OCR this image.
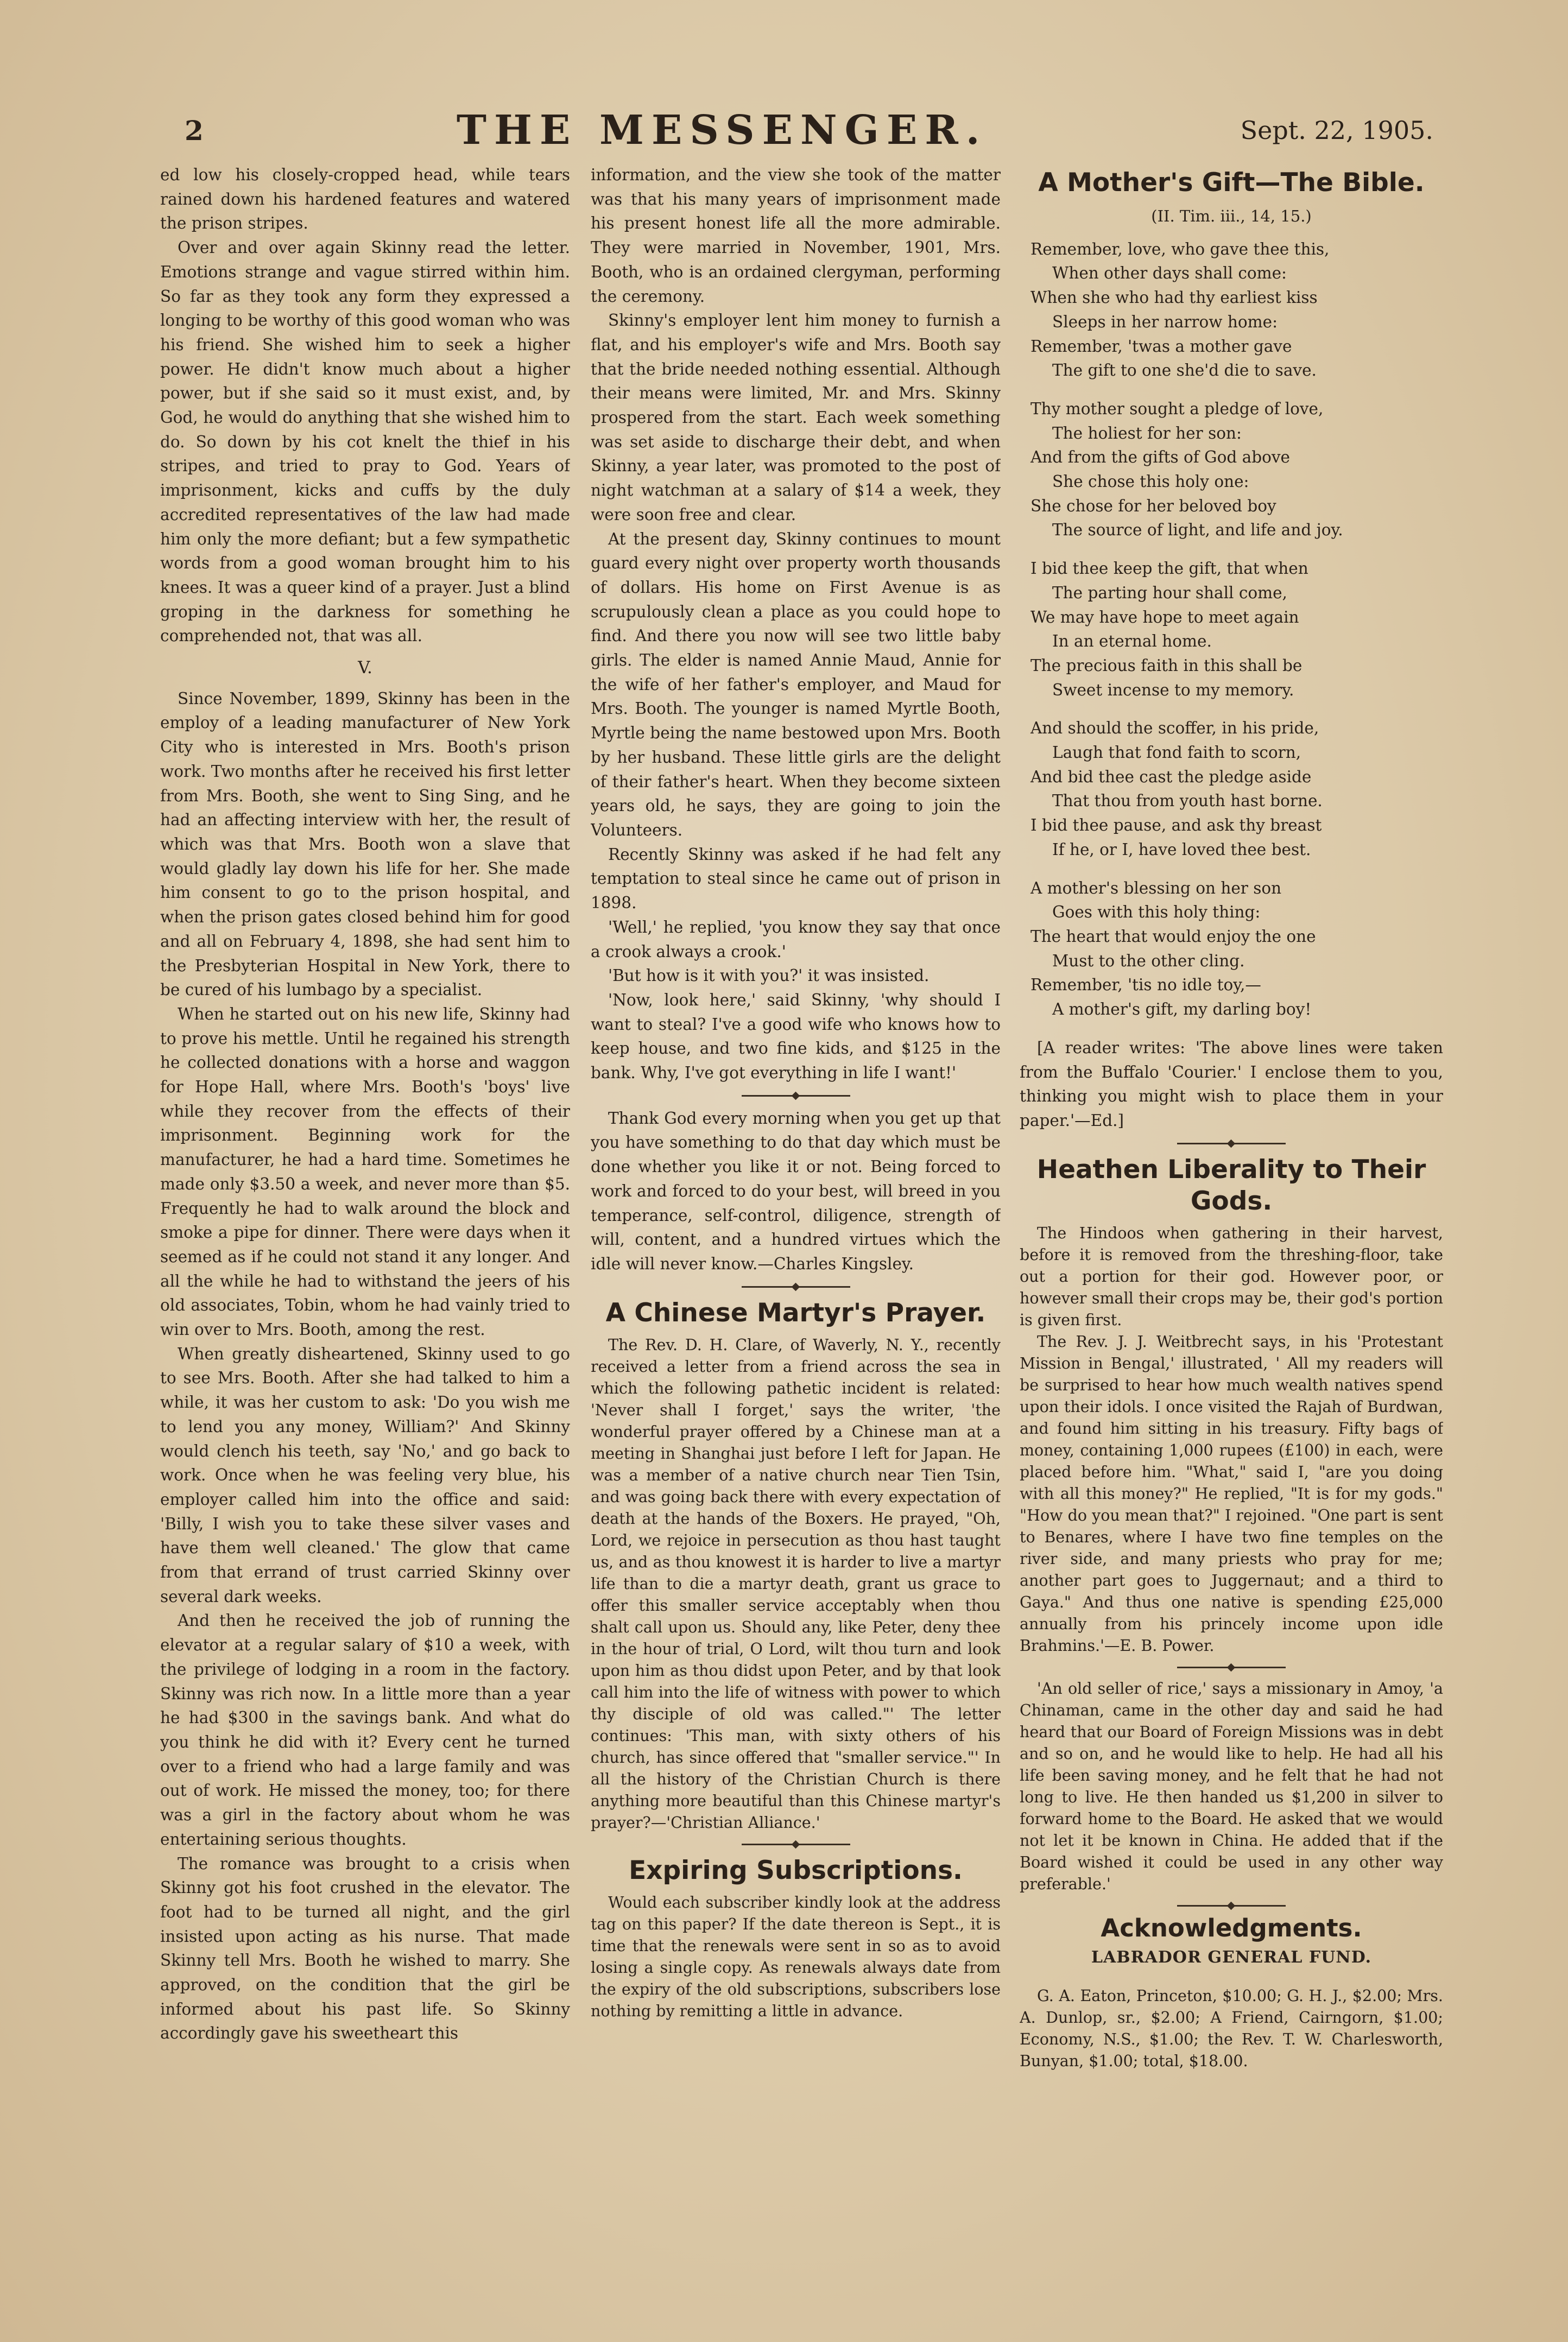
2	THE MESSENGER.	Sept. 22, 1905.

ed low his closely-cropped head, while tears rained down his hardened features and watered the prison stripes.

Over and over again Skinny read the letter. Emotions strange and vague stirred within him. So far as they took any form they expressed a longing to be worthy of this good woman who was his friend. She wished him to seek a higher power. He didn't know much about a higher power, but if she said so it must exist, and, by God, he would do anything that she wished him to do. So down by his cot knelt the thief in his stripes, and tried to pray to God. Years of imprisonment, kicks and cuffs by the duly accredited representatives of the law had made him only the more defiant; but a few sympathetic words from a good woman brought him to his knees. It was a queer kind of a prayer. Just a blind groping in the darkness for something he comprehended not, that was all.

V.

Since November, 1899, Skinny has been in the employ of a leading manufacturer of New York City who is interested in Mrs. Booth's prison work. Two months after he received his first letter from Mrs. Booth, she went to Sing Sing, and he had an affecting interview with her, the result of which was that Mrs. Booth won a slave that would gladly lay down his life for her. She made him consent to go to the prison hospital, and when the prison gates closed behind him for good and all on February 4, 1898, she had sent him to the Presbyterian Hospital in New York, there to be cured of his lumbago by a specialist.

When he started out on his new life, Skinny had to prove his mettle. Until he regained his strength he collected donations with a horse and waggon for Hope Hall, where Mrs. Booth's 'boys' live while they recover from the effects of their imprisonment. Beginning work for the manufacturer, he had a hard time. Sometimes he made only $3.50 a week, and never more than $5. Frequently he had to walk around the block and smoke a pipe for dinner. There were days when it seemed as if he could not stand it any longer. And all the while he had to withstand the jeers of his old associates, Tobin, whom he had vainly tried to win over to Mrs. Booth, among the rest.

When greatly disheartened, Skinny used to go to see Mrs. Booth. After she had talked to him a while, it was her custom to ask: 'Do you wish me to lend you any money, William?' And Skinny would clench his teeth, say 'No,' and go back to work. Once when he was feeling very blue, his employer called him into the office and said: 'Billy, I wish you to take these silver vases and have them well cleaned.' The glow that came from that errand of trust carried Skinny over several dark weeks.

And then he received the job of running the elevator at a regular salary of $10 a week, with the privilege of lodging in a room in the factory. Skinny was rich now. In a little more than a year he had $300 in the savings bank. And what do you think he did with it? Every cent he turned over to a friend who had a large family and was out of work. He missed the money, too; for there was a girl in the factory about whom he was entertaining serious thoughts.

The romance was brought to a crisis when Skinny got his foot crushed in the elevator. The foot had to be turned all night, and the girl insisted upon acting as his nurse. That made Skinny tell Mrs. Booth he wished to marry. She approved, on the condition that the girl be informed about his past life. So Skinny accordingly gave his sweetheart this

information, and the view she took of the matter was that his many years of imprisonment made his present honest life all the more admirable. They were married in November, 1901, Mrs. Booth, who is an ordained clergyman, performing the ceremony.

Skinny's employer lent him money to furnish a flat, and his employer's wife and Mrs. Booth say that the bride needed nothing essential. Although their means were limited, Mr. and Mrs. Skinny prospered from the start. Each week something was set aside to discharge their debt, and when Skinny, a year later, was promoted to the post of night watchman at a salary of $14 a week, they were soon free and clear.

At the present day, Skinny continues to mount guard every night over property worth thousands of dollars. His home on First Avenue is as scrupulously clean a place as you could hope to find. And there you now will see two little baby girls. The elder is named Annie Maud, Annie for the wife of her father's employer, and Maud for Mrs. Booth. The younger is named Myrtle Booth, Myrtle being the name bestowed upon Mrs. Booth by her husband. These little girls are the delight of their father's heart. When they become sixteen years old, he says, they are going to join the Volunteers.

Recently Skinny was asked if he had felt any temptation to steal since he came out of prison in 1898.

'Well,' he replied, 'you know they say that once a crook always a crook.'

'But how is it with you?' it was insisted.

'Now, look here,' said Skinny, 'why should I want to steal? I've a good wife who knows how to keep house, and two fine kids, and $125 in the bank. Why, I've got everything in life I want!'

Thank God every morning when you get up that you have something to do that day which must be done whether you like it or not. Being forced to work and forced to do your best, will breed in you temperance, self-control, diligence, strength of will, content, and a hundred virtues which the idle will never know.—Charles Kingsley.

A Chinese Martyr's Prayer.

The Rev. D. H. Clare, of Waverly, N. Y., recently received a letter from a friend across the sea in which the following pathetic incident is related: 'Never shall I forget,' says the writer, 'the wonderful prayer offered by a Chinese man at a meeting in Shanghai just before I left for Japan. He was a member of a native church near Tien Tsin, and was going back there with every expectation of death at the hands of the Boxers. He prayed, "Oh, Lord, we rejoice in persecution as thou hast taught us, and as thou knowest it is harder to live a martyr life than to die a martyr death, grant us grace to offer this smaller service acceptably when thou shalt call upon us. Should any, like Peter, deny thee in the hour of trial, O Lord, wilt thou turn and look upon him as thou didst upon Peter, and by that look call him into the life of witness with power to which thy disciple of old was called."' The letter continues: 'This man, with sixty others of his church, has since offered that "smaller service."' In all the history of the Christian Church is there anything more beautiful than this Chinese martyr's prayer?—'Christian Alliance.'

Expiring Subscriptions.

Would each subscriber kindly look at the address tag on this paper? If the date thereon is Sept., it is time that the renewals were sent in so as to avoid losing a single copy. As renewals always date from the expiry of the old subscriptions, subscribers lose nothing by remitting a little in advance.

A Mother's Gift—The Bible.
(II. Tim. iii., 14, 15.)
Remember, love, who gave thee this,
When other days shall come:
When she who had thy earliest kiss
Sleeps in her narrow home:
Remember, 'twas a mother gave
The gift to one she'd die to save.
Thy mother sought a pledge of love,
The holiest for her son:
And from the gifts of God above
She chose this holy one:
She chose for her beloved boy
The source of light, and life and joy.
I bid thee keep the gift, that when
The parting hour shall come,
We may have hope to meet again
In an eternal home.
The precious faith in this shall be
Sweet incense to my memory.
And should the scoffer, in his pride,
Laugh that fond faith to scorn,
And bid thee cast the pledge aside
That thou from youth hast borne.
I bid thee pause, and ask thy breast
If he, or I, have loved thee best.
A mother's blessing on her son
Goes with this holy thing:
The heart that would enjoy the one
Must to the other cling.
Remember, 'tis no idle toy,—
A mother's gift, my darling boy!

[A reader writes: 'The above lines were taken from the Buffalo 'Courier.' I enclose them to you, thinking you might wish to place them in your paper.'—Ed.]

Heathen Liberality to Their Gods.

The Hindoos when gathering in their harvest, before it is removed from the threshing-floor, take out a portion for their god. However poor, or however small their crops may be, their god's portion is given first.

The Rev. J. J. Weitbrecht says, in his 'Protestant Mission in Bengal,' illustrated, ' All my readers will be surprised to hear how much wealth natives spend upon their idols. I once visited the Rajah of Burdwan, and found him sitting in his treasury. Fifty bags of money, containing 1,000 rupees (£100) in each, were placed before him. "What," said I, "are you doing with all this money?" He replied, "It is for my gods." "How do you mean that?" I rejoined. "One part is sent to Benares, where I have two fine temples on the river side, and many priests who pray for me; another part goes to Juggernaut; and a third to Gaya." And thus one native is spending £25,000 annually from his princely income upon idle Brahmins.'—E. B. Power.

'An old seller of rice,' says a missionary in Amoy, 'a Chinaman, came in the other day and said he had heard that our Board of Foreign Missions was in debt and so on, and he would like to help. He had all his life been saving money, and he felt that he had not long to live. He then handed us $1,200 in silver to forward home to the Board. He asked that we would not let it be known in China. He added that if the Board wished it could be used in any other way preferable.'

Acknowledgments.
LABRADOR GENERAL FUND.

G. A. Eaton, Princeton, $10.00; G. H. J., $2.00; Mrs. A. Dunlop, sr., $2.00; A Friend, Cairngorn, $1.00; Economy, N.S., $1.00; the Rev. T. W. Charlesworth, Bunyan, $1.00; total, $18.00.
